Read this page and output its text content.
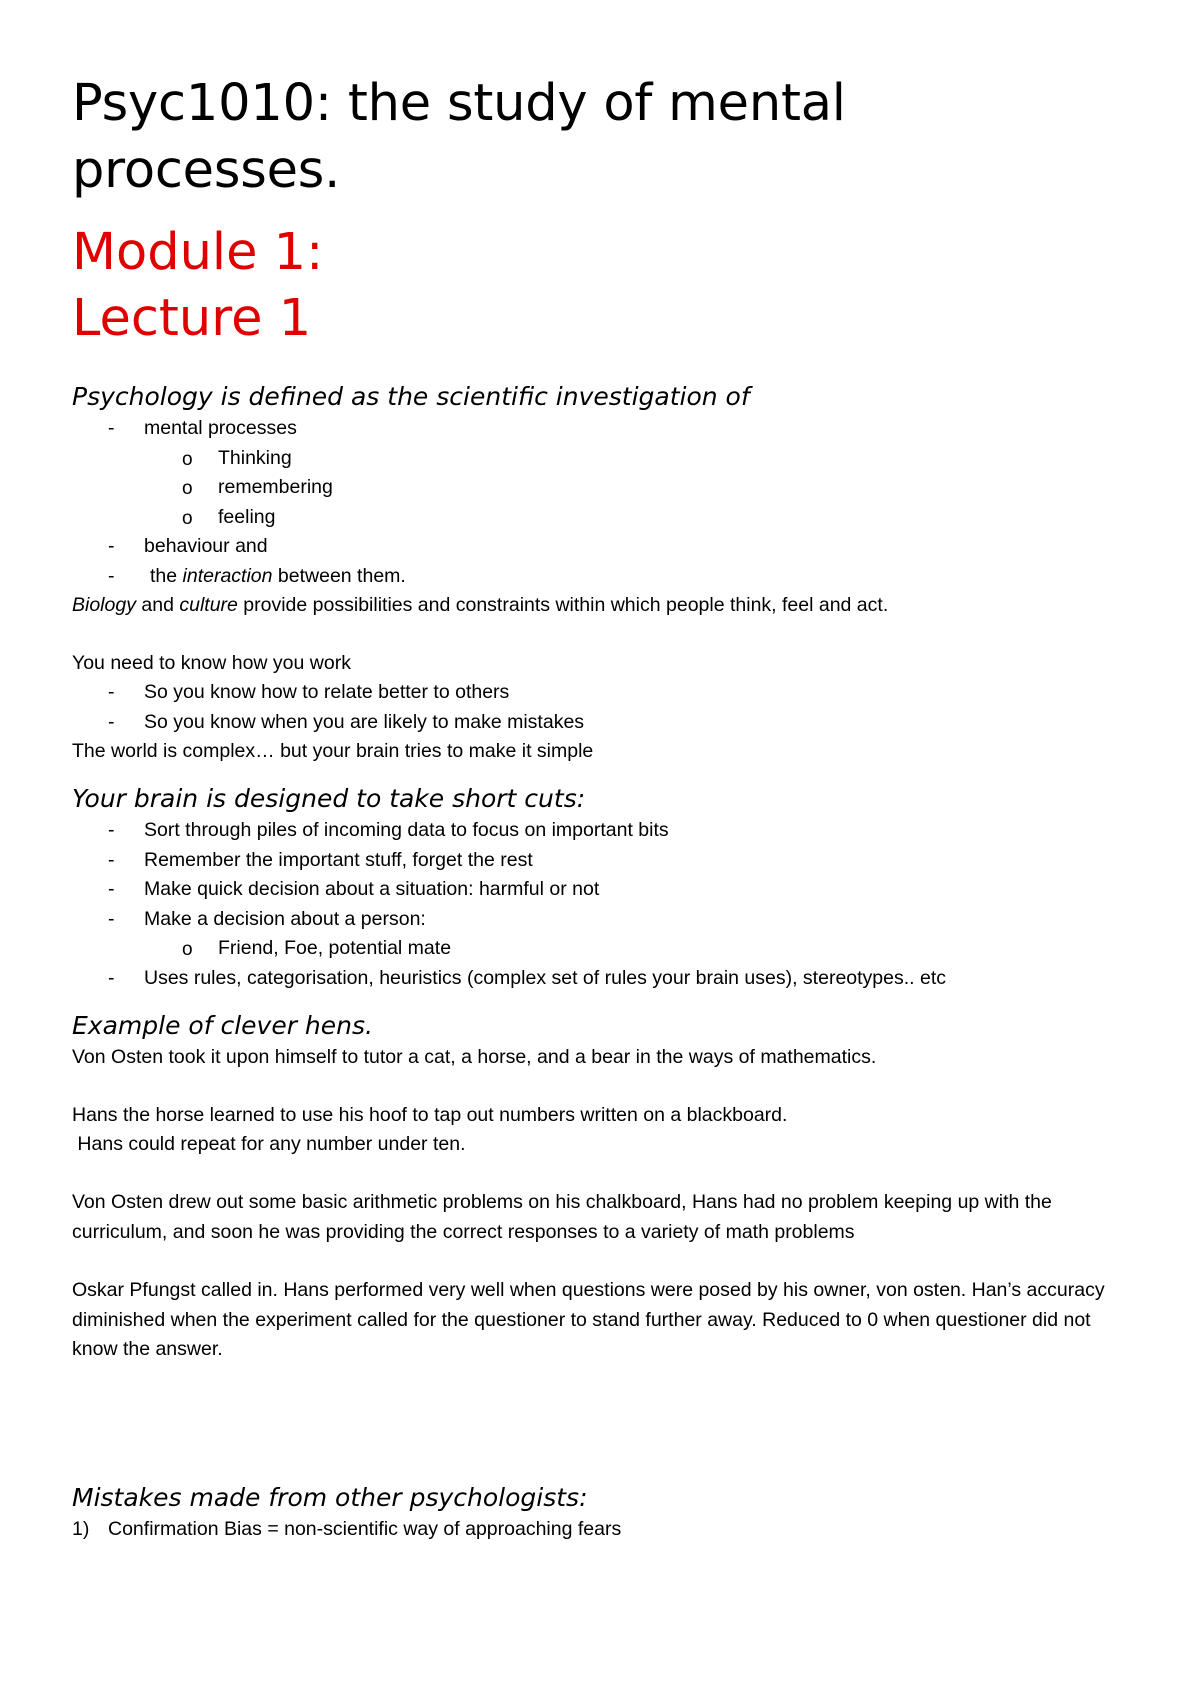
Psyc1010: the study of mental
processes.
Module 1:
Lecture 1
Psychology is defined as the scientific investigation of
- mental processes
o Thinking
o remembering
o feeling
- behaviour and
- the interaction between them.

Biology and culture provide possibilities and constraints within which people think, feel and act.

You need to know how you work

- So you know how to relate better to others
- So you know when you are likely to make mistakes

The world is complex… but your brain tries to make it simple

Your brain is designed to take short cuts:
- Sort through piles of incoming data to focus on important bits
- Remember the important stuff, forget the rest
- Make quick decision about a situation: harmful or not
- Make a decision about a person:
o Friend, Foe, potential mate
- Uses rules, categorisation, heuristics (complex set of rules your brain uses), stereotypes.. etc
Example of clever hens.

Von Osten took it upon himself to tutor a cat, a horse, and a bear in the ways of mathematics.

Hans the horse learned to use his hoof to tap out numbers written on a blackboard.

Hans could repeat for any number under ten.

Von Osten drew out some basic arithmetic problems on his chalkboard, Hans had no problem keeping up with the curriculum, and soon he was providing the correct responses to a variety of math problems

Oskar Pfungst called in. Hans performed very well when questions were posed by his owner, von osten. Han’s accuracy diminished when the experiment called for the questioner to stand further away. Reduced to 0 when questioner did not know the answer.

Mistakes made from other psychologists:
1) Confirmation Bias = non-scientific way of approaching fears
